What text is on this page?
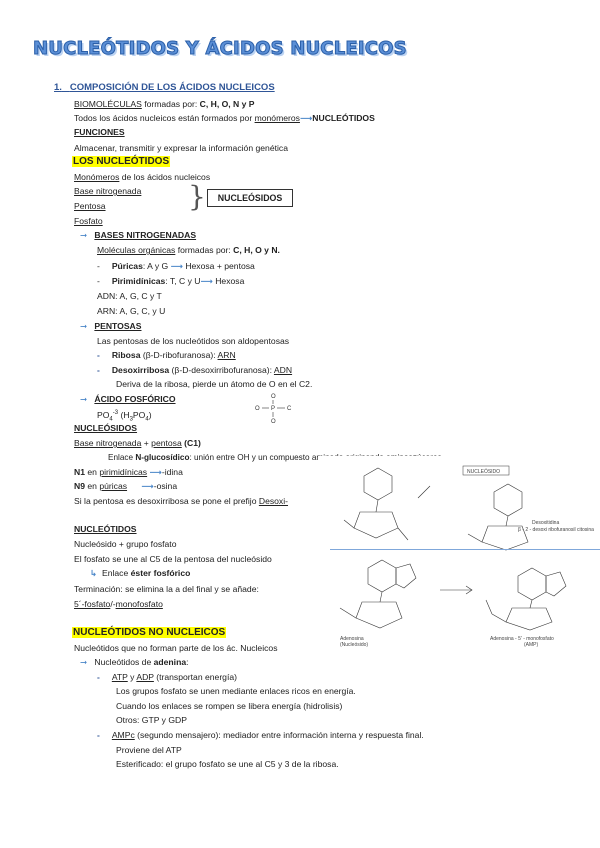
NUCLEÓTIDOS Y ÁCIDOS NUCLEICOS
1. COMPOSICIÓN DE LOS ÁCIDOS NUCLEICOS
BIOMOLÉCULAS formadas por: C, H, O, N y P
Todos los ácidos nucleicos están formados por monómeros⟶NUCLEÓTIDOS
FUNCIONES
Almacenar, transmitir y expresar la información genética
LOS NUCLEÓTIDOS
Monómeros de los ácidos nucleicos
Base nitrogenada
Pentosa
Fosfato
}	NUCLEÓSIDOS
➞ BASES NITROGENADAS
Moléculas orgánicas formadas por: C, H, O y N.
-     Púricas: A y G ⟶ Hexosa + pentosa
-     Pirimidínicas: T, C y U⟶ Hexosa
ADN: A, G, C y T
ARN: A, G, C, y U
➞ PENTOSAS
Las pentosas de los nucleótidos son aldopentosas
- Ribosa (β-D-ribofuranosa): ARN
- Desoxirribosa (β-D-desoxirribofuranosa): ADN
Deriva de la ribosa, pierde un átomo de O en el C2.
➞ ÁCIDO FOSFÓRICO
$PO_4^{-3}$ $(H_3PO_4)$
O
O P C
O
NUCLEÓSIDOS
Base nitrogenada + pentosa (C1)
Enlace N-glucosídico: unión entre OH y un compuesto aminado originando aminoazúcares
N1 en pirimidínicas ⟶-idina
N9 en púricas ⟶-osina
Si la pentosa es desoxirribosa se pone el prefijo Desoxi-
NUCLEÓSIDO
Desoxitidina
β - 2 - desoxi ribofuranosil citosina
NUCLEÓTIDOS
Nucleósido + grupo fosfato
El fosfato se une al C5 de la pentosa del nucleósido
↳ Enlace éster fosfórico
Terminación: se elimina la a del final y se añade:
5´-fosfato/-monofosfato
Adenosina
(Nucleósido)
Adenosina - 5' - monofosfato
(AMP)
NUCLEÓTIDOS NO NUCLEICOS
Nucleótidos que no forman parte de los ác. Nucleicos
➞ Nucleótidos de adenina:
- ATP y ADP (transportan energía)
Los grupos fosfato se unen mediante enlaces ricos en energía.
Cuando los enlaces se rompen se libera energía (hidrolisis)
Otros: GTP y GDP
- AMPc (segundo mensajero): mediador entre información interna y respuesta final.
Proviene del ATP
Esterificado: el grupo fosfato se une al C5 y 3 de la ribosa.
